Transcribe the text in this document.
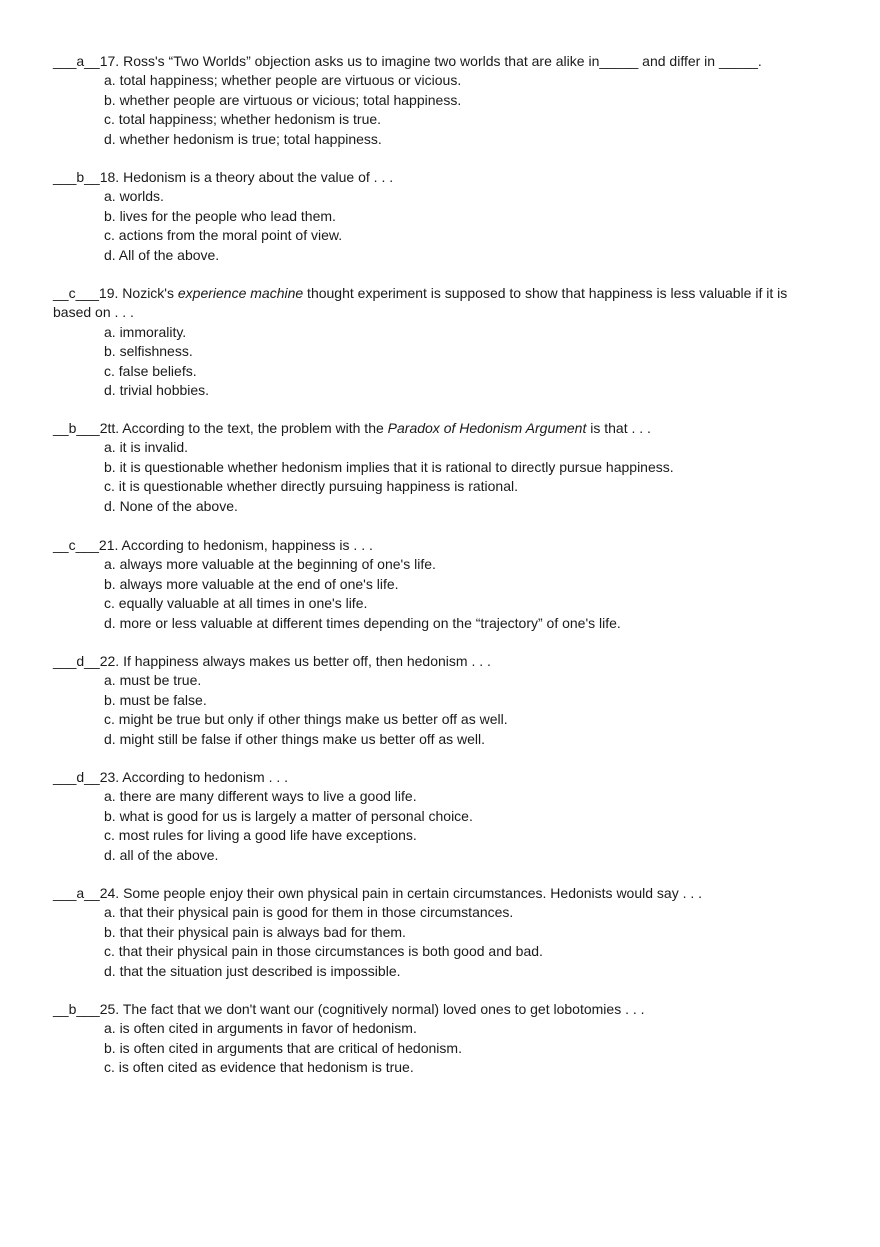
___a__17. Ross's “Two Worlds” objection asks us to imagine two worlds that are alike in_____ and differ in _____.

a. total happiness; whether people are virtuous or vicious.
b. whether people are virtuous or vicious; total happiness.
c. total happiness; whether hedonism is true.
d. whether hedonism is true; total happiness.

___b__18. Hedonism is a theory about the value of . . .

a. worlds.
b. lives for the people who lead them.
c. actions from the moral point of view.
d. All of the above.

__c___19. Nozick's experience machine thought experiment is supposed to show that happiness is less valuable if it is based on . . .

a. immorality.
b. selfishness.
c. false beliefs.
d. trivial hobbies.

__b___2tt. According to the text, the problem with the Paradox of Hedonism Argument is that . . .

a. it is invalid.
b. it is questionable whether hedonism implies that it is rational to directly pursue happiness.
c. it is questionable whether directly pursuing happiness is rational.
d. None of the above.

__c___21. According to hedonism, happiness is . . .

a. always more valuable at the beginning of one's life.
b. always more valuable at the end of one's life.
c. equally valuable at all times in one's life.
d. more or less valuable at different times depending on the “trajectory” of one's life.

___d__22. If happiness always makes us better off, then hedonism . . .

a. must be true.
b. must be false.
c. might be true but only if other things make us better off as well.
d. might still be false if other things make us better off as well.

___d__23. According to hedonism . . .

a. there are many different ways to live a good life.
b. what is good for us is largely a matter of personal choice.
c. most rules for living a good life have exceptions.
d. all of the above.

___a__24. Some people enjoy their own physical pain in certain circumstances. Hedonists would say . . .

a. that their physical pain is good for them in those circumstances.
b. that their physical pain is always bad for them.
c. that their physical pain in those circumstances is both good and bad.
d. that the situation just described is impossible.

__b___25. The fact that we don't want our (cognitively normal) loved ones to get lobotomies . . .

a. is often cited in arguments in favor of hedonism.
b. is often cited in arguments that are critical of hedonism.
c. is often cited as evidence that hedonism is true.
